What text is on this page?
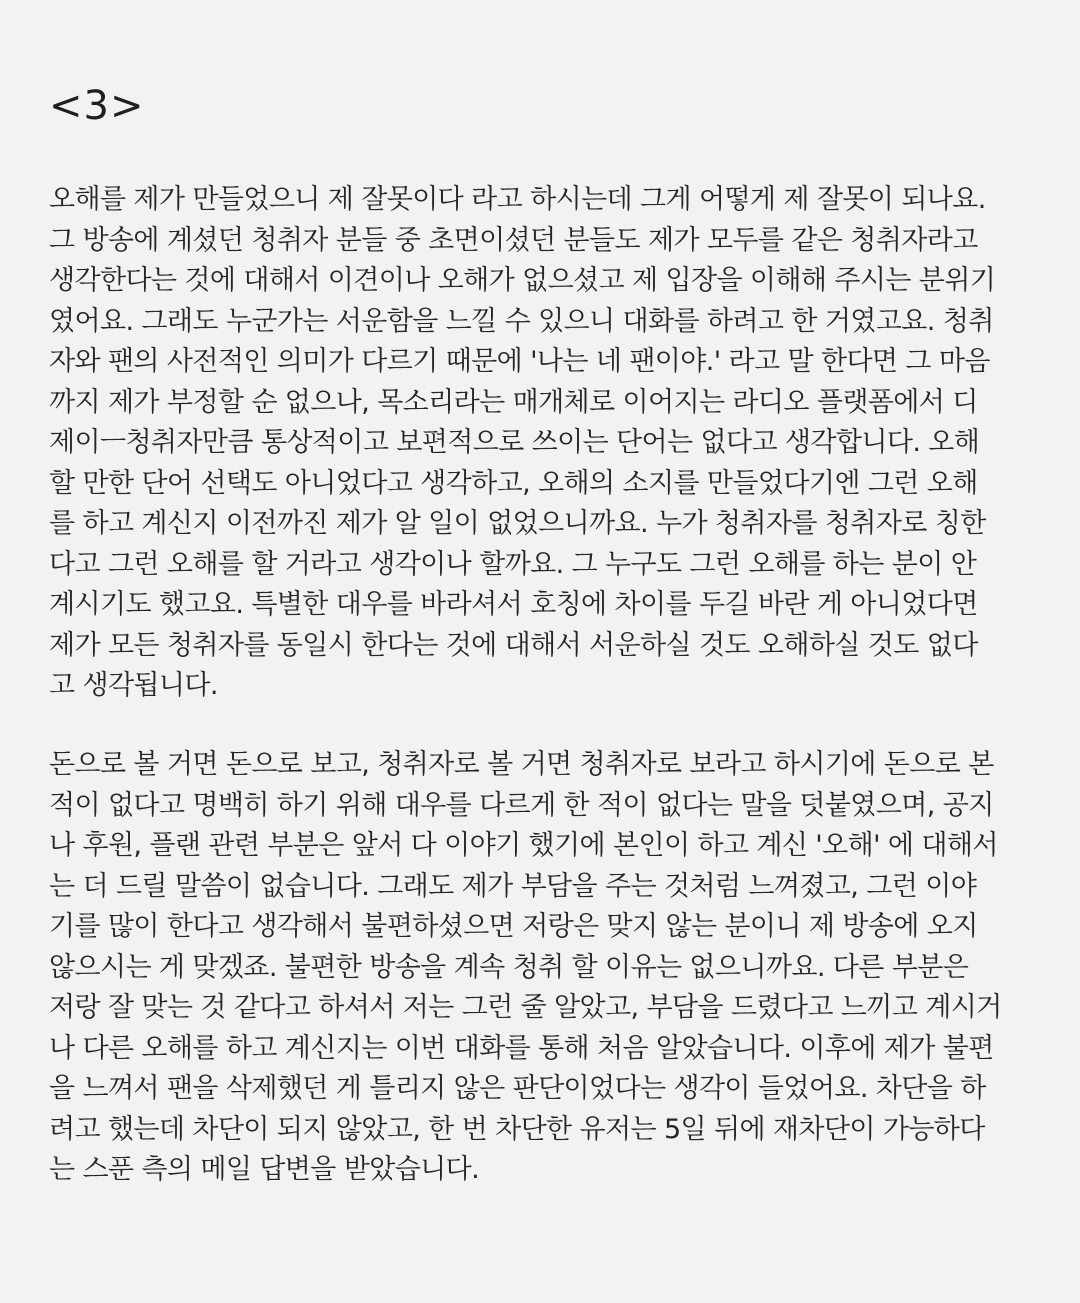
<3>

오해를 제가 만들었으니 제 잘못이다 라고 하시는데 그게 어떻게 제 잘못이 되나요.
그 방송에 계셨던 청취자 분들 중 초면이셨던 분들도 제가 모두를 같은 청취자라고
생각한다는 것에 대해서 이견이나 오해가 없으셨고 제 입장을 이해해 주시는 분위기
였어요. 그래도 누군가는 서운함을 느낄 수 있으니 대화를 하려고 한 거였고요. 청취
자와 팬의 사전적인 의미가 다르기 때문에 '나는 네 팬이야.' 라고 말 한다면 그 마음
까지 제가 부정할 순 없으나, 목소리라는 매개체로 이어지는 라디오 플랫폼에서 디
제이ㅡ청취자만큼 통상적이고 보편적으로 쓰이는 단어는 없다고 생각합니다. 오해
할 만한 단어 선택도 아니었다고 생각하고, 오해의 소지를 만들었다기엔 그런 오해
를 하고 계신지 이전까진 제가 알 일이 없었으니까요. 누가 청취자를 청취자로 칭한
다고 그런 오해를 할 거라고 생각이나 할까요. 그 누구도 그런 오해를 하는 분이 안
계시기도 했고요. 특별한 대우를 바라셔서 호칭에 차이를 두길 바란 게 아니었다면
제가 모든 청취자를 동일시 한다는 것에 대해서 서운하실 것도 오해하실 것도 없다
고 생각됩니다.

돈으로 볼 거면 돈으로 보고, 청취자로 볼 거면 청취자로 보라고 하시기에 돈으로 본
적이 없다고 명백히 하기 위해 대우를 다르게 한 적이 없다는 말을 덧붙였으며, 공지
나 후원, 플랜 관련 부분은 앞서 다 이야기 했기에 본인이 하고 계신 '오해' 에 대해서
는 더 드릴 말씀이 없습니다. 그래도 제가 부담을 주는 것처럼 느껴졌고, 그런 이야
기를 많이 한다고 생각해서 불편하셨으면 저랑은 맞지 않는 분이니 제 방송에 오지
않으시는 게 맞겠죠. 불편한 방송을 계속 청취 할 이유는 없으니까요. 다른 부분은
저랑 잘 맞는 것 같다고 하셔서 저는 그런 줄 알았고, 부담을 드렸다고 느끼고 계시거
나 다른 오해를 하고 계신지는 이번 대화를 통해 처음 알았습니다. 이후에 제가 불편
을 느껴서 팬을 삭제했던 게 틀리지 않은 판단이었다는 생각이 들었어요. 차단을 하
려고 했는데 차단이 되지 않았고, 한 번 차단한 유저는 5일 뒤에 재차단이 가능하다
는 스푼 측의 메일 답변을 받았습니다.
